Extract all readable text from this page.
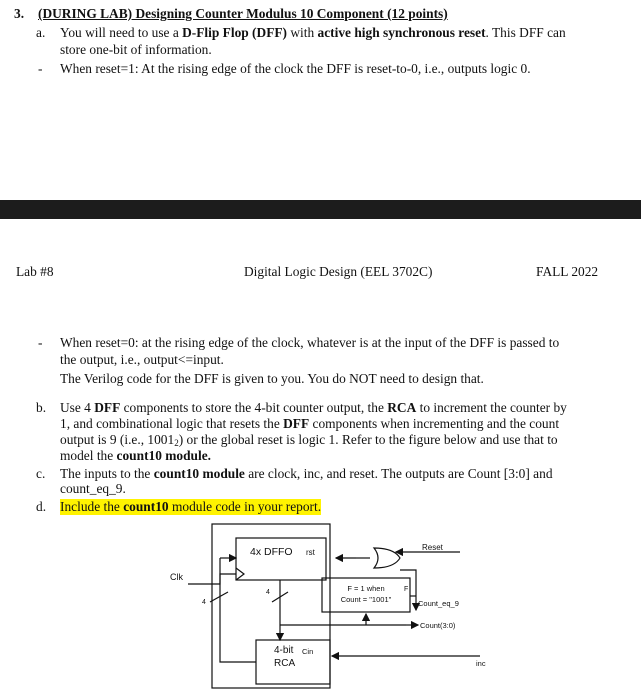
3. (DURING LAB) Designing Counter Modulus 10 Component (12 points)
a. You will need to use a D-Flip Flop (DFF) with active high synchronous reset. This DFF can
store one-bit of information.
- When reset=1: At the rising edge of the clock the DFF is reset-to-0, i.e., outputs logic 0.
Lab #8	Digital Logic Design (EEL 3702C)	FALL 2022
- When reset=0: at the rising edge of the clock, whatever is at the input of the DFF is passed to
the output, i.e., output<=input.
The Verilog code for the DFF is given to you. You do NOT need to design that.
b. Use 4 DFF components to store the 4-bit counter output, the RCA to increment the counter by
1, and combinational logic that resets the DFF components when incrementing and the count
output is 9 (i.e., $1001_2$) or the global reset is logic 1. Refer to the figure below and use that to
model the count10 module.
c. The inputs to the count10 module are clock, inc, and reset. The outputs are Count [3:0] and
count_eq_9.
d. Include the count10 module code in your report.
4x DFFO rst
Reset
Clk
4
4	F = 1 when
Count = "1001"
F
Count_eq_9
Count(3:0)
4-bit
RCA
Cin
inc
